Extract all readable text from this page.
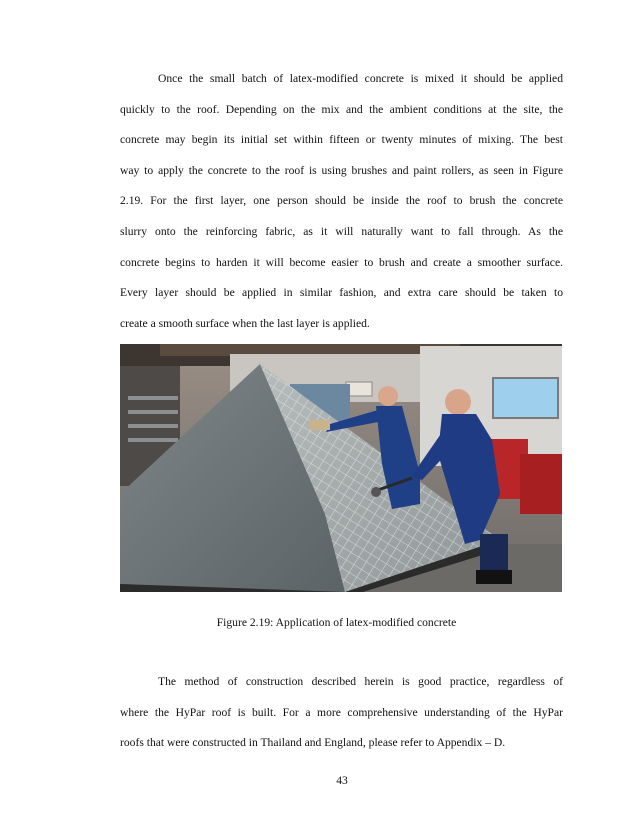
Once the small batch of latex-modified concrete is mixed it should be applied
quickly to the roof. Depending on the mix and the ambient conditions at the site, the
concrete may begin its initial set within fifteen or twenty minutes of mixing. The best
way to apply the concrete to the roof is using brushes and paint rollers, as seen in Figure
2.19. For the first layer, one person should be inside the roof to brush the concrete
slurry onto the reinforcing fabric, as it will naturally want to fall through. As the
concrete begins to harden it will become easier to brush and create a smoother surface.
Every layer should be applied in similar fashion, and extra care should be taken to
create a smooth surface when the last layer is applied.

Figure 2.19: Application of latex-modified concrete

The method of construction described herein is good practice, regardless of
where the HyPar roof is built. For a more comprehensive understanding of the HyPar
roofs that were constructed in Thailand and England, please refer to Appendix – D.

43
